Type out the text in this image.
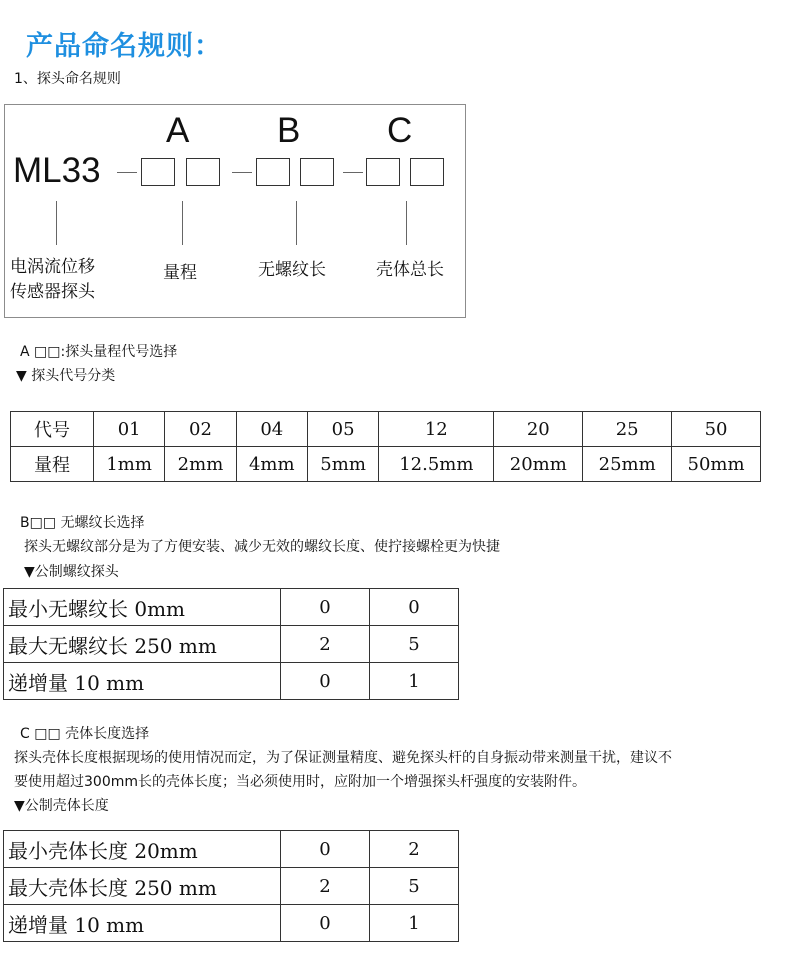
产品命名规则：
1、探头命名规则
A	B C
ML33
电涡流位移
传感器探头
量程	无螺纹长	壳体总长
A □□:探头量程代号选择
▼ 探头代号分类
代号	01	02	04	05	12	20	25	50
量程	1mm	2mm	4mm	5mm	12.5mm	20mm	25mm	50mm
B□□ 无螺纹长选择
探头无螺纹部分是为了方便安装、减少无效的螺纹长度、使拧接螺栓更为快捷
▼公制螺纹探头
最小无螺纹长 0mm	0	0
最大无螺纹长 250 mm	2	5
递增量 10 mm	0	1
C □□ 壳体长度选择
探头壳体长度根据现场的使用情况而定，为了保证测量精度、避免探头杆的自身振动带来测量干扰，建议不
要使用超过300mm长的壳体长度；当必须使用时，应附加一个增强探头杆强度的安装附件。
▼公制壳体长度
最小壳体长度 20mm	0	2
最大壳体长度 250 mm	2	5
递增量 10 mm	0	1
